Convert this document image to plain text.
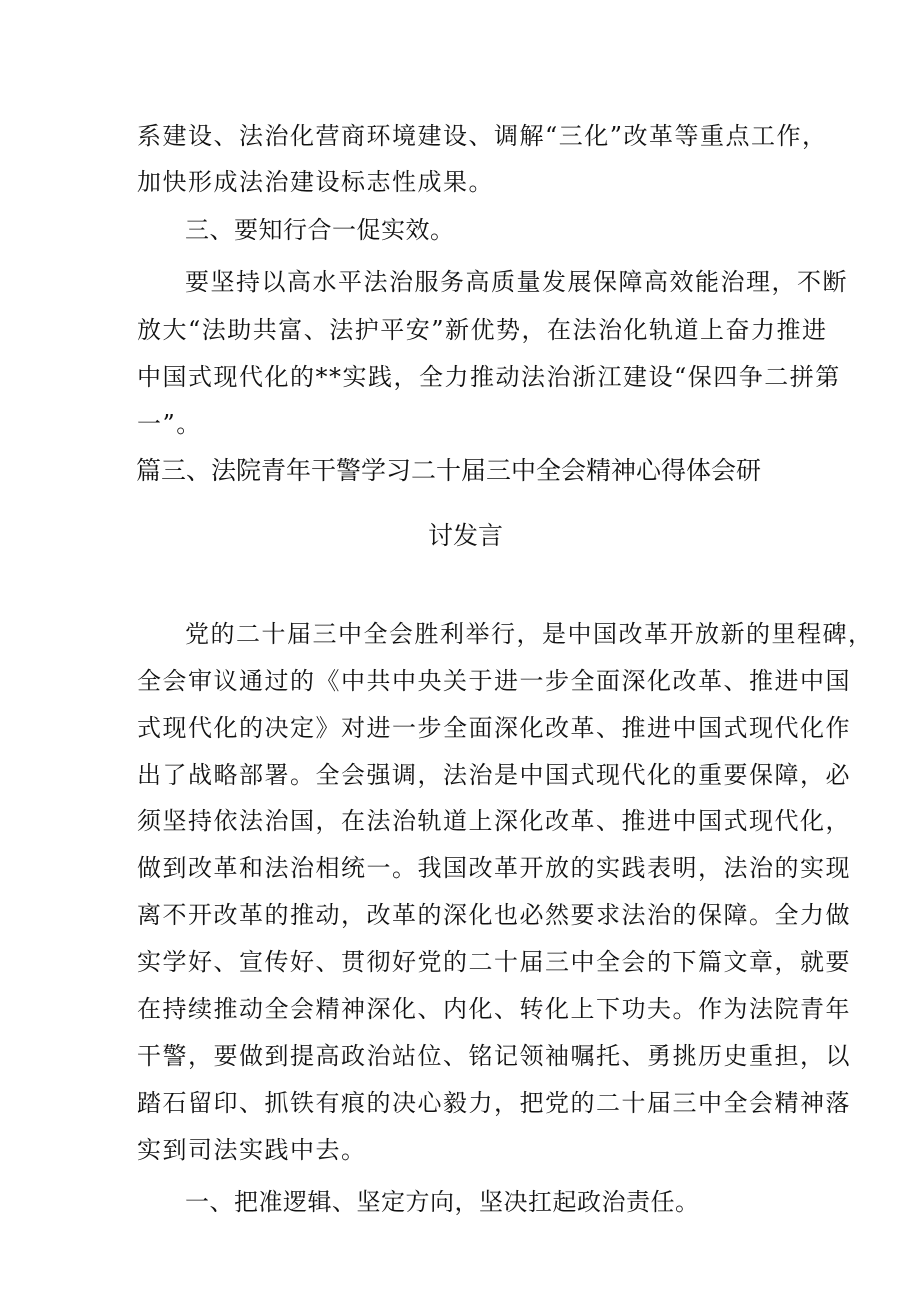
系建设、法治化营商环境建设、调解“三化”改革等重点工作，
加快形成法治建设标志性成果。
三、要知行合一促实效。
要坚持以高水平法治服务高质量发展保障高效能治理，不断
放大“法助共富、法护平安”新优势，在法治化轨道上奋力推进
中国式现代化的**实践，全力推动法治浙江建设“保四争二拼第
一”。
篇三、法院青年干警学习二十届三中全会精神心得体会研
讨发言
党的二十届三中全会胜利举行，是中国改革开放新的里程碑，
全会审议通过的《中共中央关于进一步全面深化改革、推进中国
式现代化的决定》对进一步全面深化改革、推进中国式现代化作
出了战略部署。全会强调，法治是中国式现代化的重要保障，必
须坚持依法治国，在法治轨道上深化改革、推进中国式现代化，
做到改革和法治相统一。我国改革开放的实践表明，法治的实现
离不开改革的推动，改革的深化也必然要求法治的保障。全力做
实学好、宣传好、贯彻好党的二十届三中全会的下篇文章，就要
在持续推动全会精神深化、内化、转化上下功夫。作为法院青年
干警，要做到提高政治站位、铭记领袖嘱托、勇挑历史重担，以
踏石留印、抓铁有痕的决心毅力，把党的二十届三中全会精神落
实到司法实践中去。
一、把准逻辑、坚定方向，坚决扛起政治责任。
